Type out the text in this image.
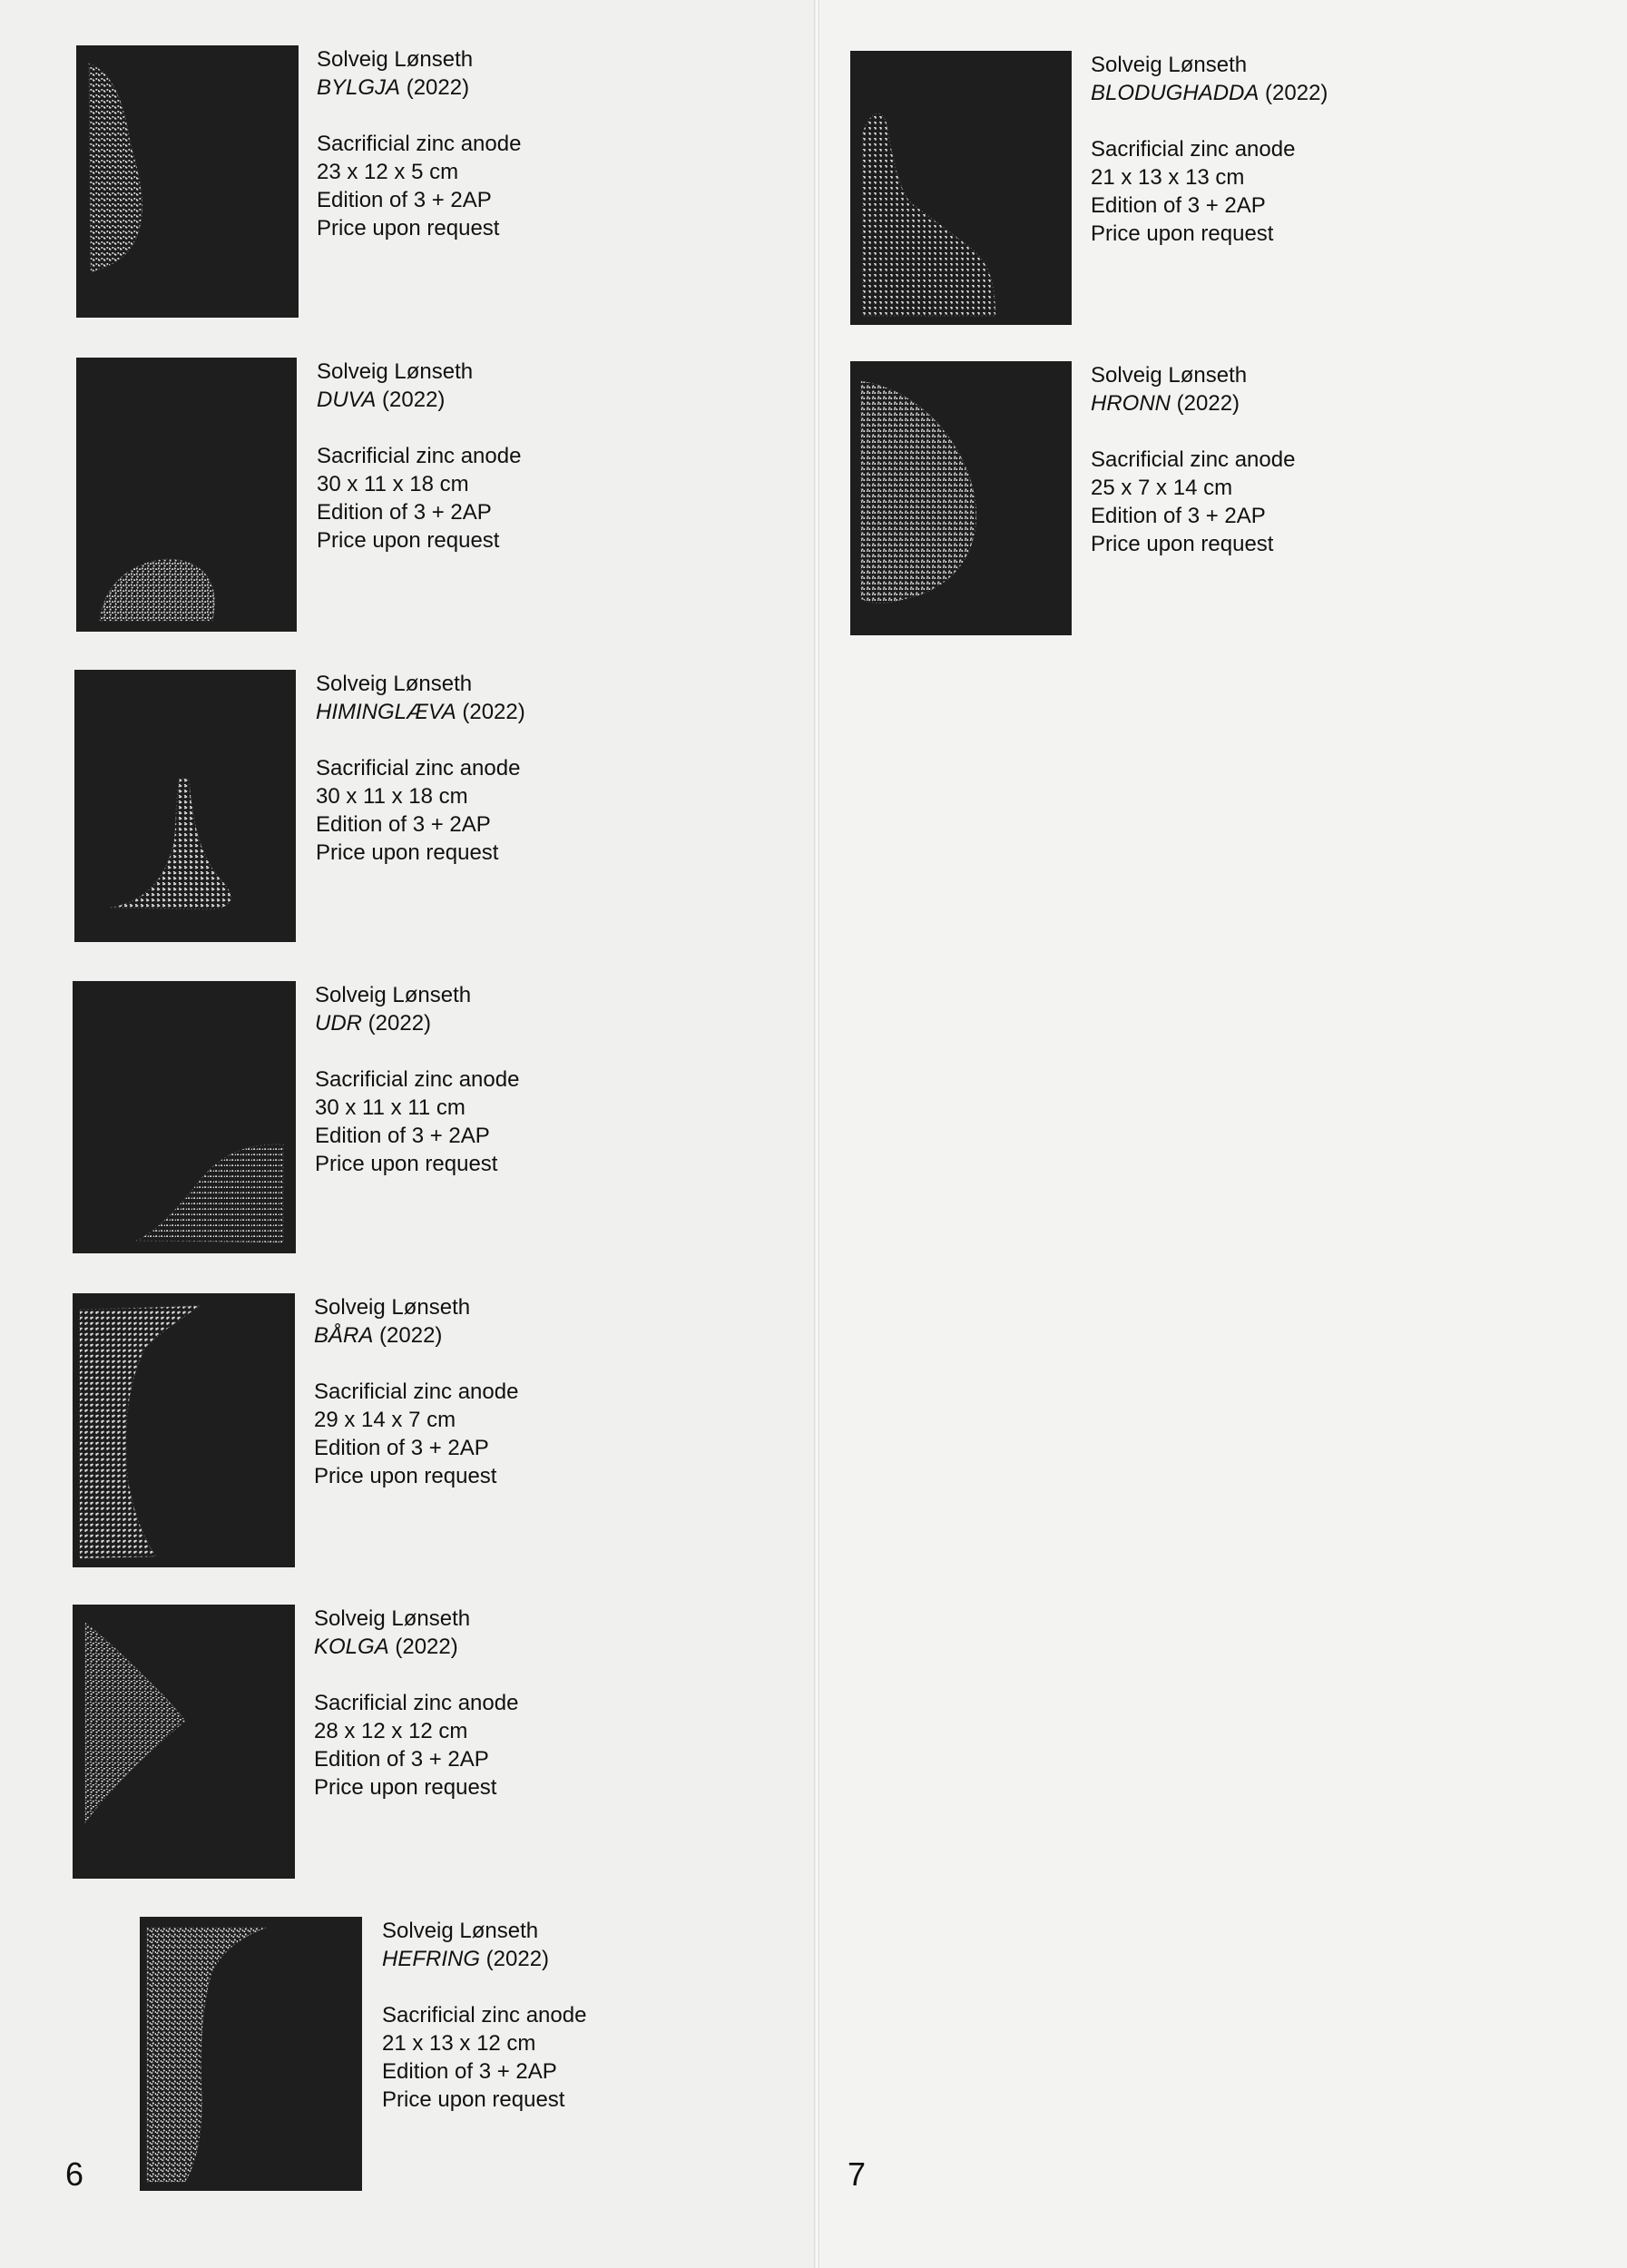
Solveig Lønseth
BYLGJA (2022)
Sacrificial zinc anode
23 x 12 x 5 cm
Edition of 3 + 2AP
Price upon request
Solveig Lønseth
DUVA (2022)
Sacrificial zinc anode
30 x 11 x 18 cm
Edition of 3 + 2AP
Price upon request
Solveig Lønseth
HIMINGLÆVA (2022)
Sacrificial zinc anode
30 x 11 x 18 cm
Edition of 3 + 2AP
Price upon request
Solveig Lønseth
UDR (2022)
Sacrificial zinc anode
30 x 11 x 11 cm
Edition of 3 + 2AP
Price upon request
Solveig Lønseth
BÅRA (2022)
Sacrificial zinc anode
29 x 14 x 7 cm
Edition of 3 + 2AP
Price upon request
Solveig Lønseth
KOLGA (2022)
Sacrificial zinc anode
28 x 12 x 12 cm
Edition of 3 + 2AP
Price upon request
Solveig Lønseth
HEFRING (2022)
Sacrificial zinc anode
21 x 13 x 12 cm
Edition of 3 + 2AP
Price upon request
Solveig Lønseth
BLODUGHADDA (2022)
Sacrificial zinc anode
21 x 13 x 13 cm
Edition of 3 + 2AP
Price upon request
Solveig Lønseth
HRONN (2022)
Sacrificial zinc anode
25 x 7 x 14 cm
Edition of 3 + 2AP
Price upon request
6	7
